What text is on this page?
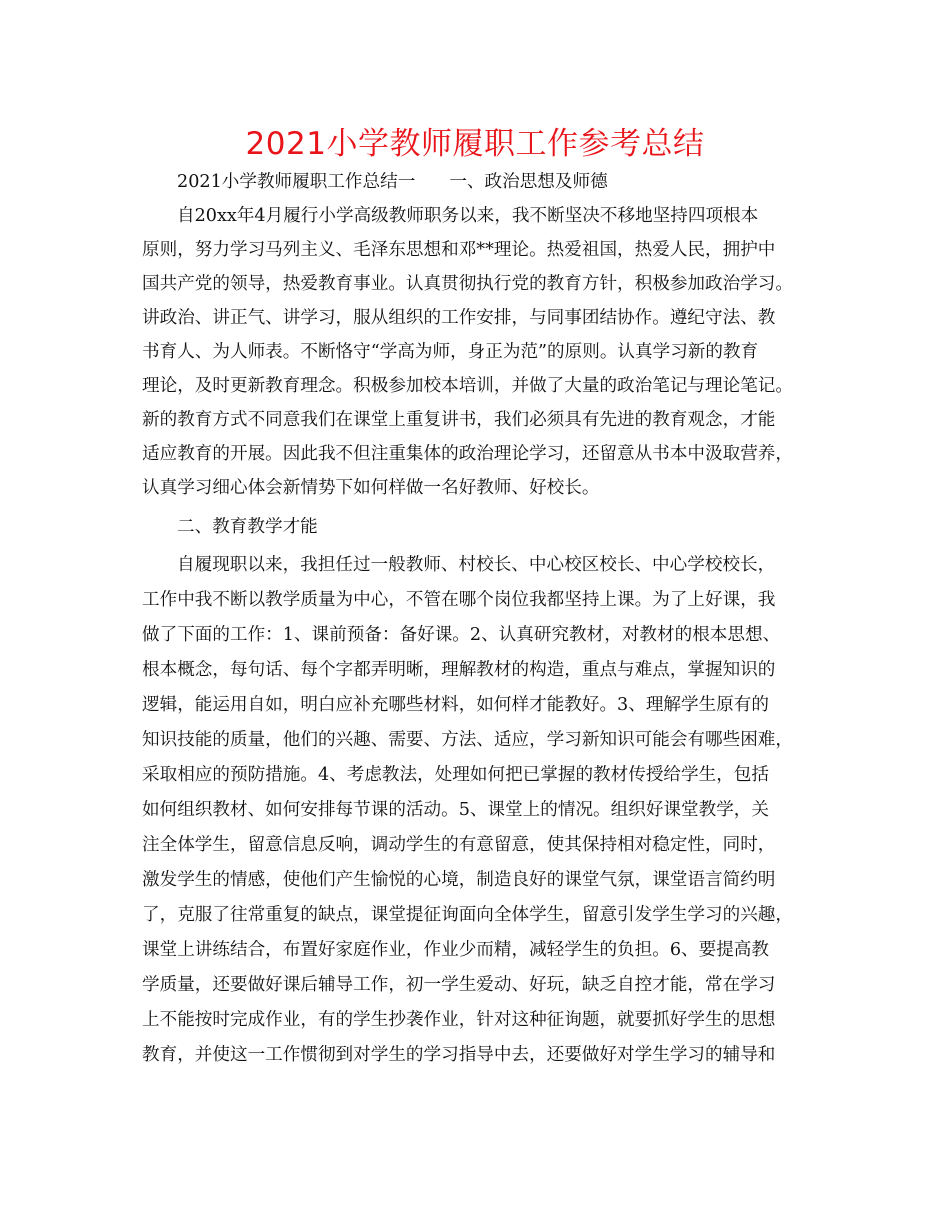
2021小学教师履职工作参考总结
2021小学教师履职工作总结一 一、政治思想及师德
自20xx年4月履行小学高级教师职务以来，我不断坚决不移地坚持四项根本
原则，努力学习马列主义、毛泽东思想和邓**理论。热爱祖国，热爱人民，拥护中
国共产党的领导，热爱教育事业。认真贯彻执行党的教育方针，积极参加政治学习。
讲政治、讲正气、讲学习，服从组织的工作安排，与同事团结协作。遵纪守法、教
书育人、为人师表。不断恪守“学高为师，身正为范”的原则。认真学习新的教育
理论，及时更新教育理念。积极参加校本培训，并做了大量的政治笔记与理论笔记。
新的教育方式不同意我们在课堂上重复讲书，我们必须具有先进的教育观念，才能
适应教育的开展。因此我不但注重集体的政治理论学习，还留意从书本中汲取营养，
认真学习细心体会新情势下如何样做一名好教师、好校长。
二、教育教学才能
自履现职以来，我担任过一般教师、村校长、中心校区校长、中心学校校长，
工作中我不断以教学质量为中心，不管在哪个岗位我都坚持上课。为了上好课，我
做了下面的工作：1、课前预备：备好课。2、认真研究教材，对教材的根本思想、
根本概念，每句话、每个字都弄明晰，理解教材的构造，重点与难点，掌握知识的
逻辑，能运用自如，明白应补充哪些材料，如何样才能教好。3、理解学生原有的
知识技能的质量，他们的兴趣、需要、方法、适应，学习新知识可能会有哪些困难，
采取相应的预防措施。4、考虑教法，处理如何把已掌握的教材传授给学生，包括
如何组织教材、如何安排每节课的活动。5、课堂上的情况。组织好课堂教学，关
注全体学生，留意信息反响，调动学生的有意留意，使其保持相对稳定性，同时，
激发学生的情感，使他们产生愉悦的心境，制造良好的课堂气氛，课堂语言简约明
了，克服了往常重复的缺点，课堂提征询面向全体学生，留意引发学生学习的兴趣，
课堂上讲练结合，布置好家庭作业，作业少而精，减轻学生的负担。6、要提高教
学质量，还要做好课后辅导工作，初一学生爱动、好玩，缺乏自控才能，常在学习
上不能按时完成作业，有的学生抄袭作业，针对这种征询题，就要抓好学生的思想
教育，并使这一工作惯彻到对学生的学习指导中去，还要做好对学生学习的辅导和
